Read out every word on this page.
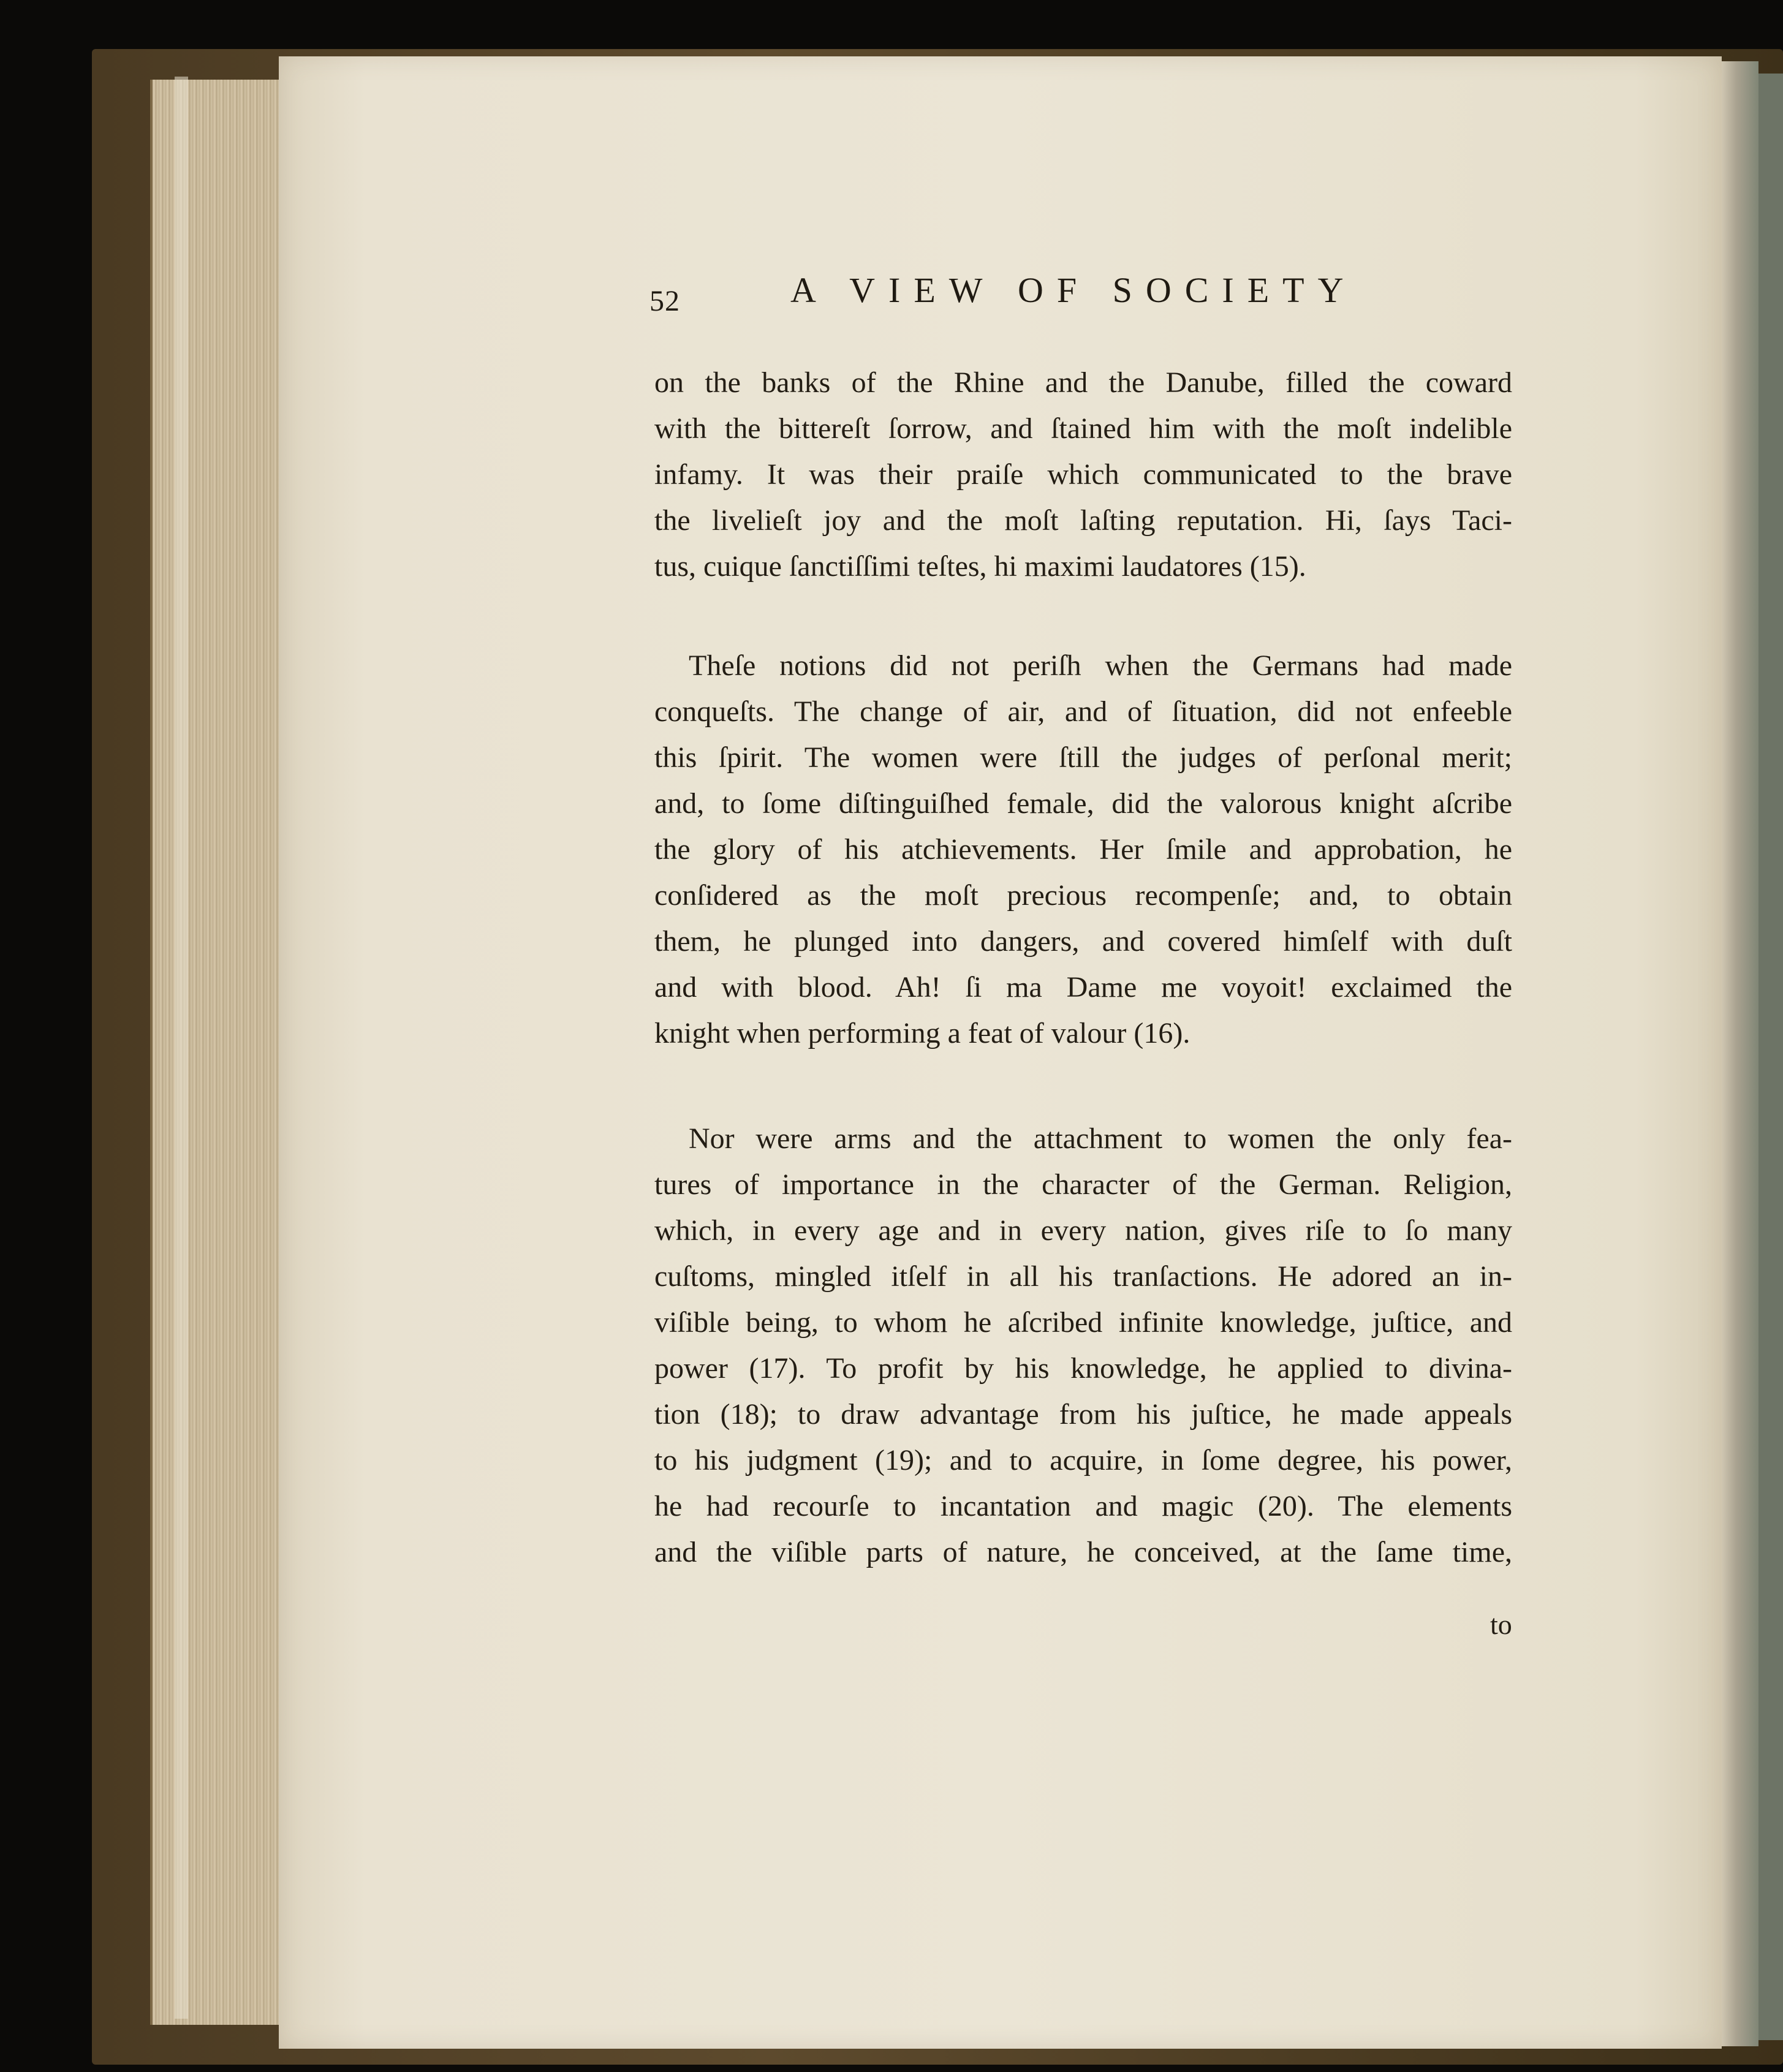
52	A VIEW OF SOCIETY
on the banks of the Rhine and the Danube, filled the coward
with the bittereſt ſorrow, and ſtained him with the moſt indelible
infamy. It was their praiſe which communicated to the brave
the livelieſt joy and the moſt laſting reputation. Hi, ſays Taci-
tus, cuique ſanctiſſimi teſtes, hi maximi laudatores (15).
Theſe notions did not periſh when the Germans had made
conqueſts. The change of air, and of ſituation, did not enfeeble
this ſpirit. The women were ſtill the judges of perſonal merit;
and, to ſome diſtinguiſhed female, did the valorous knight aſcribe
the glory of his atchievements. Her ſmile and approbation, he
conſidered as the moſt precious recompenſe; and, to obtain
them, he plunged into dangers, and covered himſelf with duſt
and with blood. Ah! ſi ma Dame me voyoit! exclaimed the
knight when performing a feat of valour (16).
Nor were arms and the attachment to women the only fea-
tures of importance in the character of the German. Religion,
which, in every age and in every nation, gives riſe to ſo many
cuſtoms, mingled itſelf in all his tranſactions. He adored an in-
viſible being, to whom he aſcribed infinite knowledge, juſtice, and
power (17). To profit by his knowledge, he applied to divina-
tion (18); to draw advantage from his juſtice, he made appeals
to his judgment (19); and to acquire, in ſome degree, his power,
he had recourſe to incantation and magic (20). The elements
and the viſible parts of nature, he conceived, at the ſame time,
to
